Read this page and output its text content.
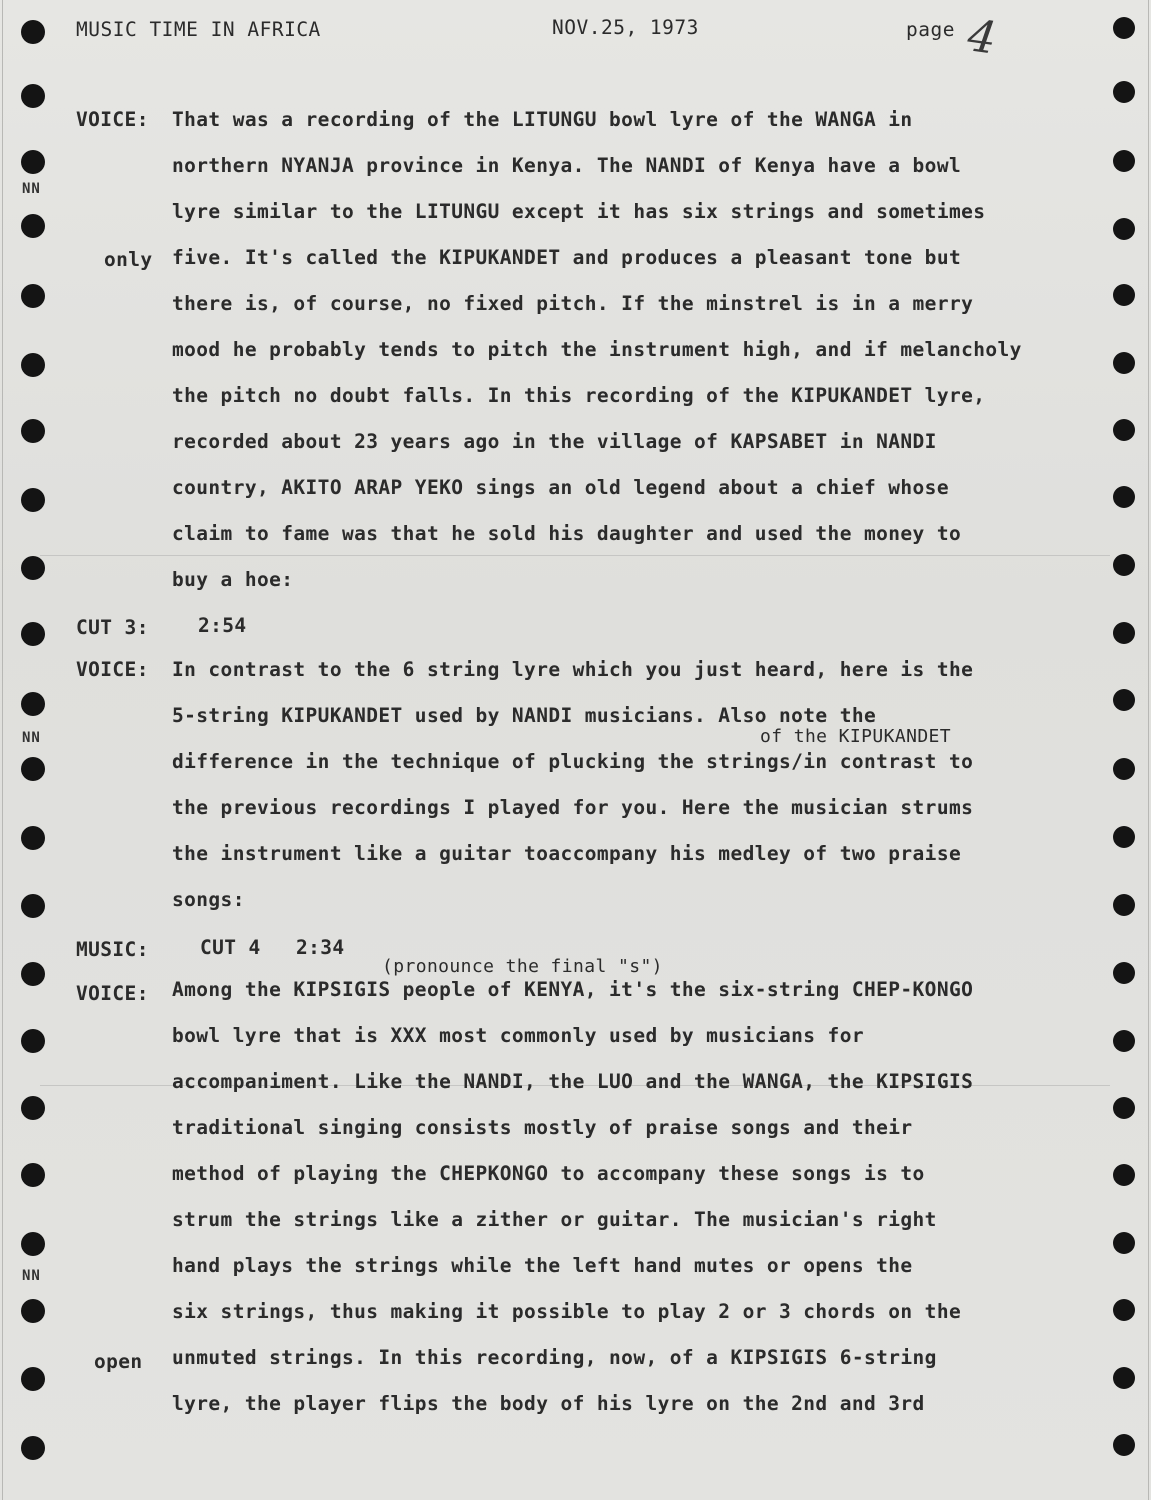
NN
NN
NN
MUSIC TIME IN AFRICA	NOV.25, 1973	page 4
VOICE: That was a recording of the LITUNGU bowl lyre of the WANGA in
northern NYANJA province in Kenya. The NANDI of Kenya have a bowl
lyre similar to the LITUNGU except it has six strings and sometimes
only five. It's called the KIPUKANDET and produces a pleasant tone but
there is, of course, no fixed pitch. If the minstrel is in a merry
mood he probably tends to pitch the instrument high, and if melancholy
the pitch no doubt falls. In this recording of the KIPUKANDET lyre,
recorded about 23 years ago in the village of KAPSABET in NANDI
country, AKITO ARAP YEKO sings an old legend about a chief whose
claim to fame was that he sold his daughter and used the money to
buy a hoe:
CUT 3:	2:54
VOICE: In contrast to the 6 string lyre which you just heard, here is the
5-string KIPUKANDET used by NANDI musicians. Also note the
of the KIPUKANDET
difference in the technique of plucking the strings/in contrast to
the previous recordings I played for you. Here the musician strums
the instrument like a guitar toaccompany his medley of two praise
songs:
MUSIC:	CUT 4 2:34
(pronounce the final "s")
VOICE: Among the KIPSIGIS people of KENYA, it's the six-string CHEP-KONGO
bowl lyre that is XXX most commonly used by musicians for
accompaniment. Like the NANDI, the LUO and the WANGA, the KIPSIGIS
traditional singing consists mostly of praise songs and their
method of playing the CHEPKONGO to accompany these songs is to
strum the strings like a zither or guitar. The musician's right
hand plays the strings while the left hand mutes or opens the
six strings, thus making it possible to play 2 or 3 chords on the
open unmuted strings. In this recording, now, of a KIPSIGIS 6-string
lyre, the player flips the body of his lyre on the 2nd and 3rd
